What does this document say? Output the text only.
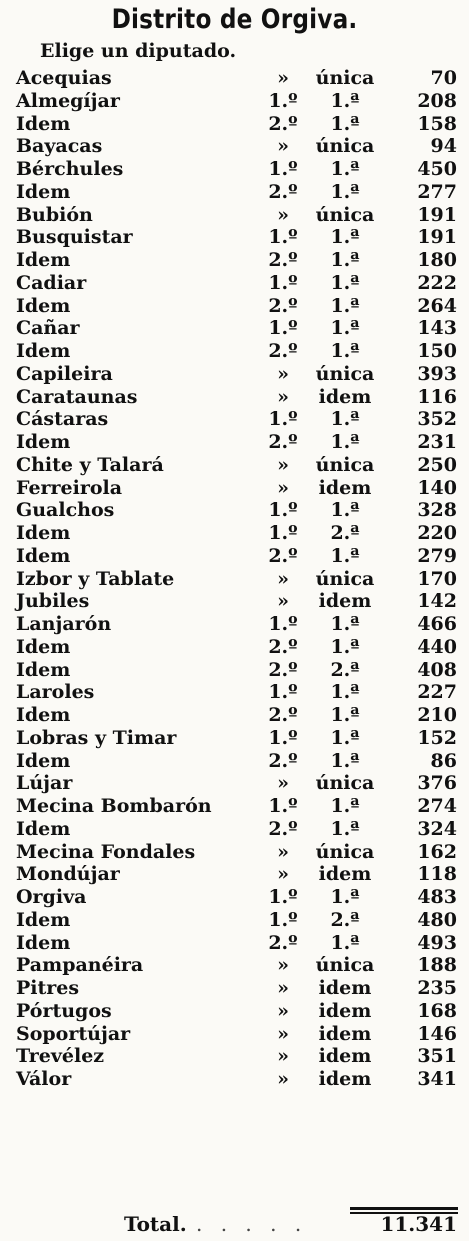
Distrito de Orgiva.
Elige un diputado.
Acequias	»	única	70
Almegíjar	1.º	1.ª	208
Idem	2.º	1.ª	158
Bayacas	»	única	94
Bérchules	1.º	1.ª	450
Idem	2.º	1.ª	277
Bubión	»	única 191
Busquistar	1.º	1.ª	191
Idem	2.º	1.ª	180
Cadiar	1.º	1.ª	222
Idem	2.º	1.ª	264
Cañar	1.º	1.ª	143
Idem	2.º	1.ª	150
Capileira	»	única 393
Carataunas	»	idem	116
Cástaras	1.º	1.ª	352
Idem	2.º	1.ª	231
Chite y Talará	»	única 250
Ferreirola	»	idem	140
Gualchos	1.º	1.ª	328
Idem	1.º	2.ª	220
Idem	2.º	1.ª	279
Izbor y Tablate	»	única 170
Jubiles	»	idem	142
Lanjarón	1.º	1.ª	466
Idem	2.º	1.ª	440
Idem	2.º	2.ª	408
Laroles	1.º	1.ª	227
Idem	2.º	1.ª	210
Lobras y Timar	1.º	1.ª	152
Idem	2.º	1.ª	86
Lújar	»	única 376
Mecina Bombarón	1.º	1.ª	274
Idem	2.º	1.ª	324
Mecina Fondales	»	única 162
Mondújar	»	idem	118
Orgiva	1.º	1.ª	483
Idem	1.º	2.ª	480
Idem	2.º	1.ª	493
Pampanéira	»	única 188
Pitres	»	idem	235
Pórtugos	»	idem	168
Soportújar	»	idem	146
Trevélez	»	idem	351
Válor	»	idem	341
Total. . . . . .	11.341
